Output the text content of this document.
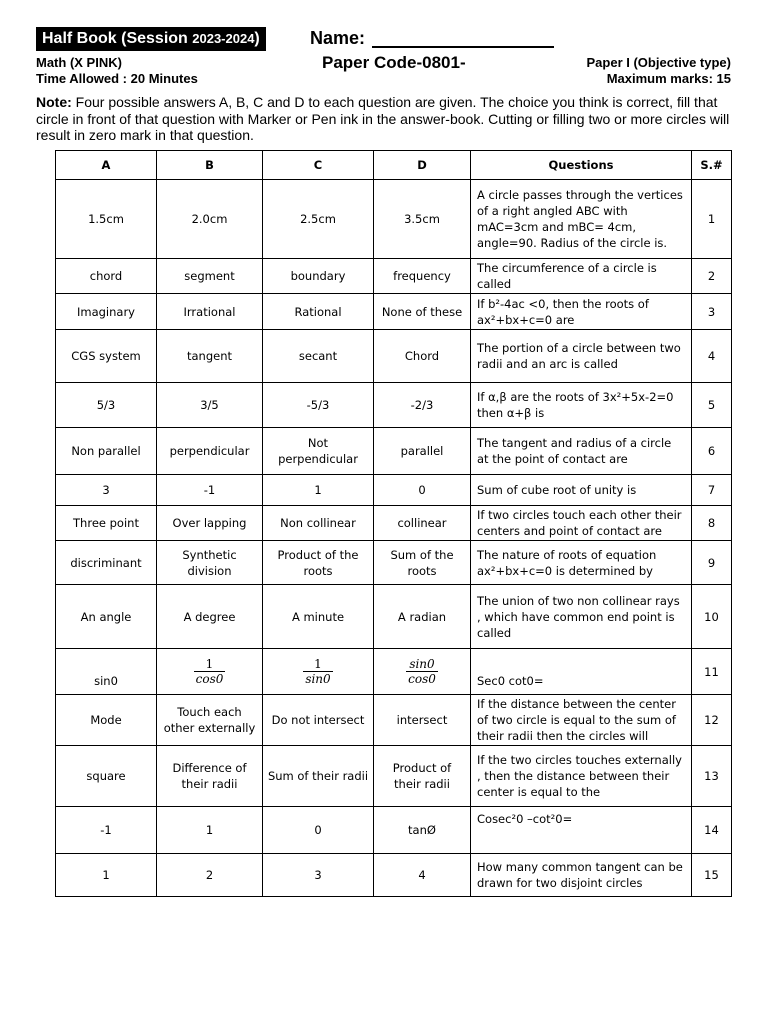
Half Book (Session 2023-2024)	Name:
Math (X PINK)	Paper Code-0801-	Paper I (Objective type)
Time Allowed : 20 Minutes	Maximum marks: 15
Note: Four possible answers A, B, C and D to each question are given. The choice you think is correct, fill that circle in front of that question with Marker or Pen ink in the answer-book. Cutting or filling two or more circles will result in zero mark in that question.
A	B	C	D	Questions	S.#
1.5cm	2.0cm	2.5cm	3.5cm	A circle passes through the vertices of a right angled ABC with mAC=3cm and mBC= 4cm, angle=90. Radius of the circle is.	1
chord	segment	boundary	frequency	The circumference of a circle is called	2
Imaginary	Irrational	Rational	None of these	If b²-4ac <0, then the roots of ax²+bx+c=0 are	3
CGS system	tangent	secant	Chord	The portion of a circle between two radii and an arc is called	4
5/3	3/5	-5/3	-2/3	If α,β are the roots of 3x²+5x-2=0 then α+β is	5
Non parallel	perpendicular	Not perpendicular	parallel	The tangent and radius of a circle at the point of contact are	6
3	-1	1	0	Sum of cube root of unity is	7
Three point	Over lapping	Non collinear	collinear	If two circles touch each other their centers and point of contact are	8
discriminant	Synthetic division	Product of the roots	Sum of the roots	The nature of roots of equation ax²+bx+c=0 is determined by	9
An angle	A degree	A minute	A radian	The union of two non collinear rays , which have common end point is called	10
sin0	$\frac{1}{\cos 0}$	$\frac{1}{\sin 0}$	$\frac{\sin 0}{\cos 0}$	Sec0 cot0=	11
Mode	Touch each other externally	Do not intersect	intersect	If the distance between the center of two circle is equal to the sum of their radii then the circles will	12
square	Difference of their radii	Sum of their radii	Product of their radii	If the two circles touches externally , then the distance between their center is equal to the	13
-1	1	0	tanØ	Cosec²0 –cot²0=	14
1	2	3	4	How many common tangent can be drawn for two disjoint circles	15
